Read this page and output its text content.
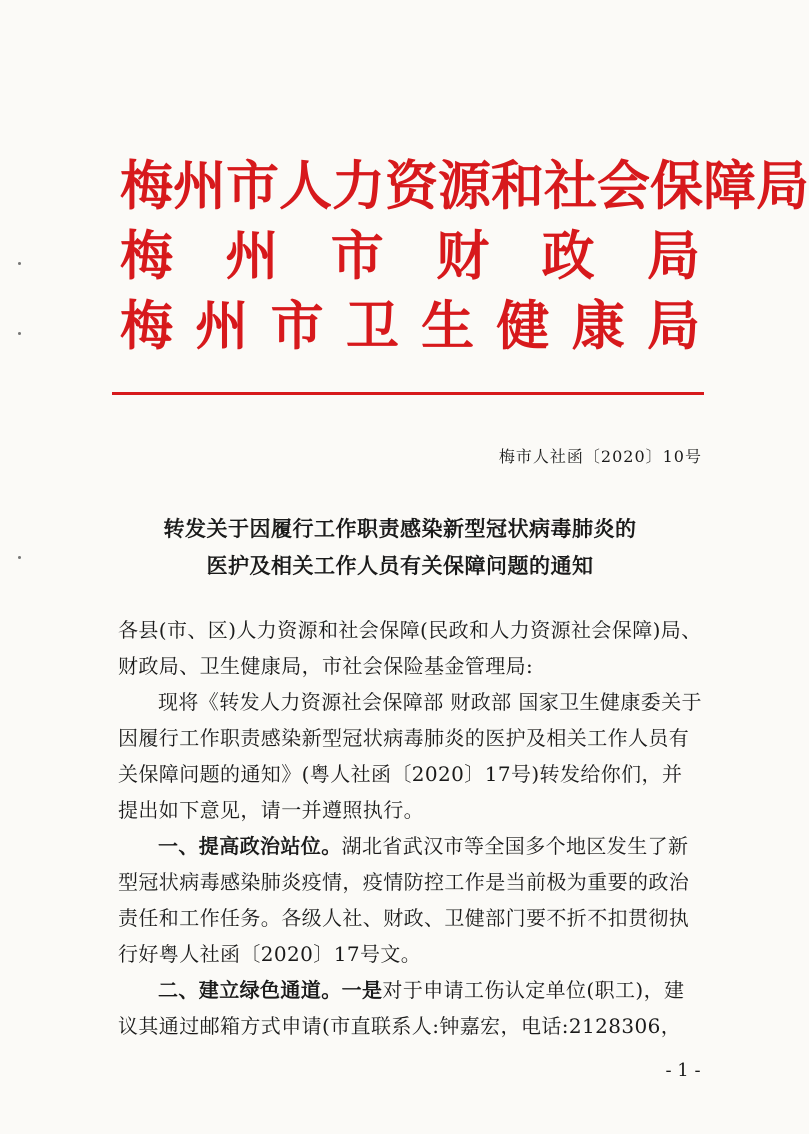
梅 州 市 人 力 资 源 和 社 会 保 障 局
梅 州 市 财 政 局
梅 州 市 卫 生 健 康 局
梅市人社函〔2020〕10号
转发关于因履行工作职责感染新型冠状病毒肺炎的
医护及相关工作人员有关保障问题的通知
各县(市、区)人力资源和社会保障(民政和人力资源社会保障)局、财政局、卫生健康局，市社会保险基金管理局:
现将《转发人力资源社会保障部 财政部 国家卫生健康委关于因履行工作职责感染新型冠状病毒肺炎的医护及相关工作人员有关保障问题的通知》(粤人社函〔2020〕17号)转发给你们，并提出如下意见，请一并遵照执行。
一、提高政治站位。湖北省武汉市等全国多个地区发生了新型冠状病毒感染肺炎疫情，疫情防控工作是当前极为重要的政治责任和工作任务。各级人社、财政、卫健部门要不折不扣贯彻执行好粤人社函〔2020〕17号文。
二、建立绿色通道。一是对于申请工伤认定单位(职工)，建议其通过邮箱方式申请(市直联系人:钟嘉宏，电话:2128306，
- 1 -
